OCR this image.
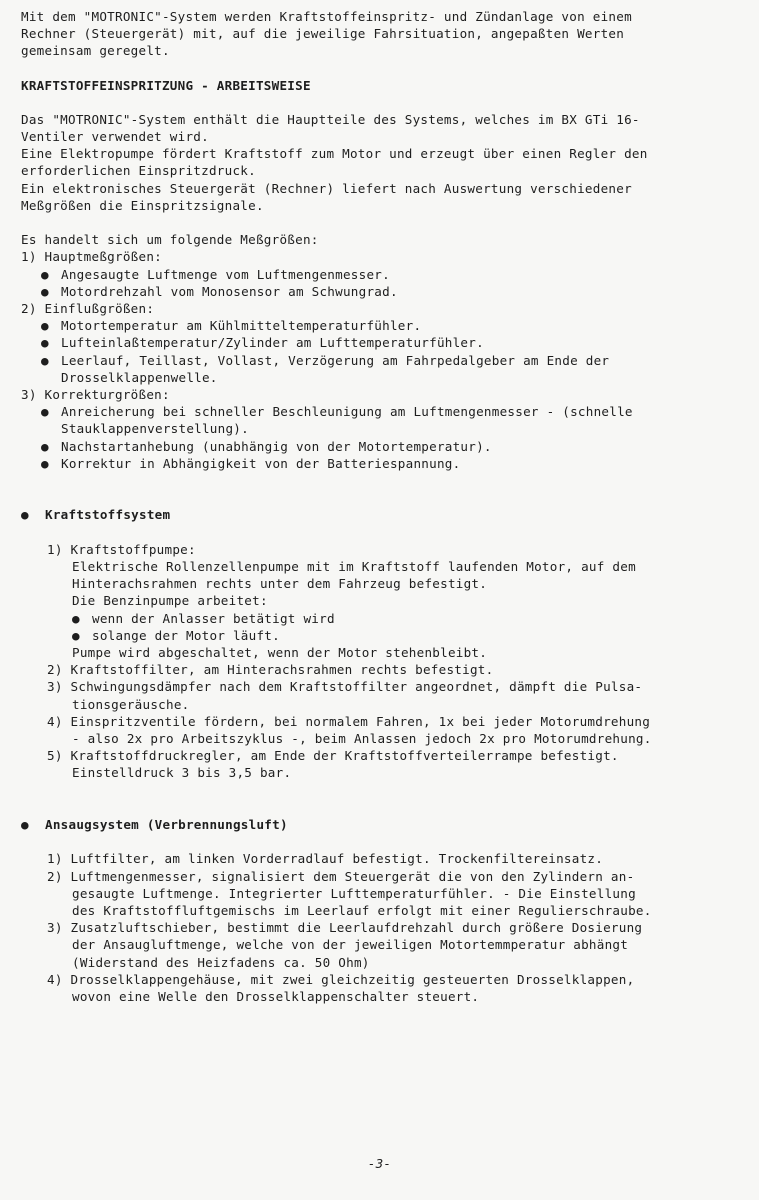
Mit dem "MOTRONIC"-System werden Kraftstoffeinspritz- und Zündanlage von einem

Rechner (Steuergerät) mit, auf die jeweilige Fahrsituation, angepaßten Werten

gemeinsam geregelt.

KRAFTSTOFFEINSPRITZUNG - ARBEITSWEISE

Das "MOTRONIC"-System enthält die Hauptteile des Systems, welches im BX GTi 16-

Ventiler verwendet wird.

Eine Elektropumpe fördert Kraftstoff zum Motor und erzeugt über einen Regler den

erforderlichen Einspritzdruck.

Ein elektronisches Steuergerät (Rechner) liefert nach Auswertung verschiedener

Meßgrößen die Einspritzsignale.

Es handelt sich um folgende Meßgrößen:

1) Hauptmeßgrößen:

● Angesaugte Luftmenge vom Luftmengenmesser.

● Motordrehzahl vom Monosensor am Schwungrad.

2) Einflußgrößen:

● Motortemperatur am Kühlmitteltemperaturfühler.

● Lufteinlaßtemperatur/Zylinder am Lufttemperaturfühler.

● Leerlauf, Teillast, Vollast, Verzögerung am Fahrpedalgeber am Ende der

Drosselklappenwelle.

3) Korrekturgrößen:

● Anreicherung bei schneller Beschleunigung am Luftmengenmesser - (schnelle

Stauklappenverstellung).

● Nachstartanhebung (unabhängig von der Motortemperatur).

● Korrektur in Abhängigkeit von der Batteriespannung.

● Kraftstoffsystem

1) Kraftstoffpumpe:

Elektrische Rollenzellenpumpe mit im Kraftstoff laufenden Motor, auf dem

Hinterachsrahmen rechts unter dem Fahrzeug befestigt.

Die Benzinpumpe arbeitet:

● wenn der Anlasser betätigt wird

● solange der Motor läuft.

Pumpe wird abgeschaltet, wenn der Motor stehenbleibt.

2) Kraftstoffilter, am Hinterachsrahmen rechts befestigt.

3) Schwingungsdämpfer nach dem Kraftstoffilter angeordnet, dämpft die Pulsa-

tionsgeräusche.

4) Einspritzventile fördern, bei normalem Fahren, 1x bei jeder Motorumdrehung

- also 2x pro Arbeitszyklus -, beim Anlassen jedoch 2x pro Motorumdrehung.

5) Kraftstoffdruckregler, am Ende der Kraftstoffverteilerrampe befestigt.

Einstelldruck 3 bis 3,5 bar.

● Ansaugsystem (Verbrennungsluft)

1) Luftfilter, am linken Vorderradlauf befestigt. Trockenfiltereinsatz.

2) Luftmengenmesser, signalisiert dem Steuergerät die von den Zylindern an-

gesaugte Luftmenge. Integrierter Lufttemperaturfühler. - Die Einstellung

des Kraftstoffluftgemischs im Leerlauf erfolgt mit einer Regulierschraube.

3) Zusatzluftschieber, bestimmt die Leerlaufdrehzahl durch größere Dosierung

der Ansaugluftmenge, welche von der jeweiligen Motortemmperatur abhängt

(Widerstand des Heizfadens ca. 50 Ohm)

4) Drosselklappengehäuse, mit zwei gleichzeitig gesteuerten Drosselklappen,

wovon eine Welle den Drosselklappenschalter steuert.

-3-
